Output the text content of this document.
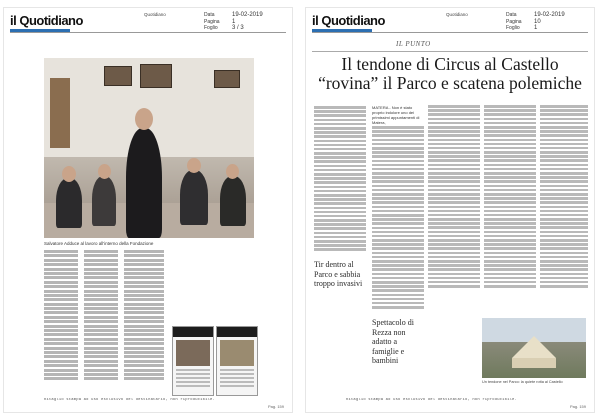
il Quotidiano	Quotidiano	Data	19-02-2019
Pagina 1
Foglio 3 / 3
Salvatore Adduce al lavoro all'interno della Fondazione
Ritaglio stampa ad uso esclusivo del destinatario, non riproducibile.
Pag. 159
il Quotidiano	Quotidiano	Data	19-02-2019
Pagina 10
Foglio 1
IL PUNTO
Il tendone di Circus al Castello
“rovina” il Parco e scatena polemiche
MATERA - Non è stato proprio indolore uno dei primissimi appuntamenti di Matera,
Tir dentro al Parco e sabbia troppo invasivi
Spettacolo di Rezza non adatto a famiglie e bambini
Un tendone nel Parco: la quiete rotta al Castello
Ritaglio stampa ad uso esclusivo del destinatario, non riproducibile.
Pag. 159
